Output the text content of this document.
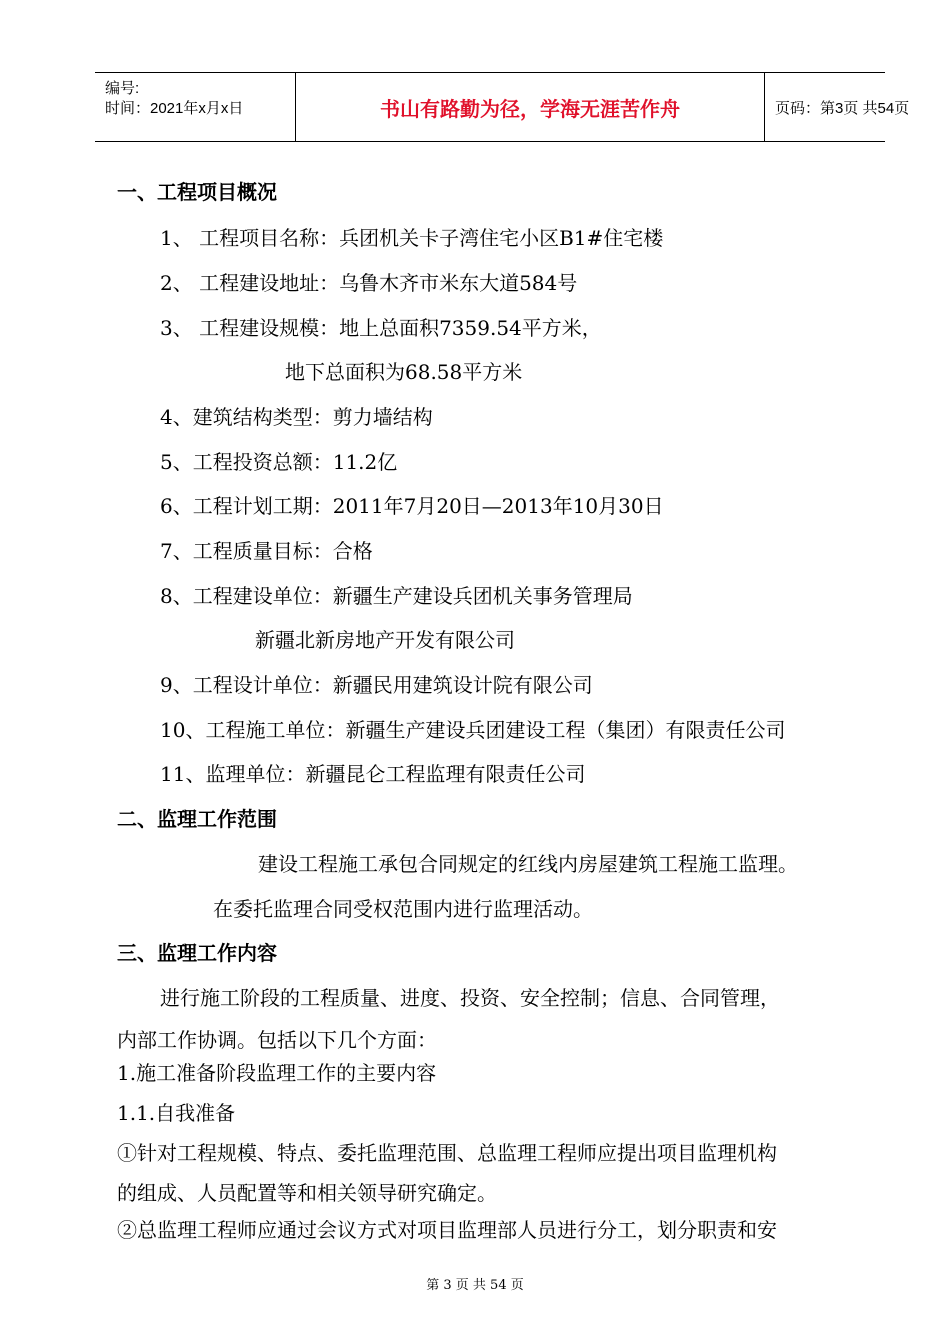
编号:
时间：2021年x月x日	书山有路勤为径，学海无涯苦作舟	页码：第3页 共54页
一、工程项目概况
1、 工程项目名称：兵团机关卡子湾住宅小区B1#住宅楼
2、 工程建设地址：乌鲁木齐市米东大道584号
3、 工程建设规模：地上总面积7359.54平方米，
地下总面积为68.58平方米
4、建筑结构类型：剪力墙结构
5、工程投资总额：11.2亿
6、工程计划工期：2011年7月20日—2013年10月30日
7、工程质量目标：合格
8、工程建设单位：新疆生产建设兵团机关事务管理局
新疆北新房地产开发有限公司
9、工程设计单位：新疆民用建筑设计院有限公司
10、工程施工单位：新疆生产建设兵团建设工程（集团）有限责任公司
11、监理单位：新疆昆仑工程监理有限责任公司
二、监理工作范围
建设工程施工承包合同规定的红线内房屋建筑工程施工监理。
在委托监理合同受权范围内进行监理活动。
三、监理工作内容
进行施工阶段的工程质量、进度、投资、安全控制；信息、合同管理，
内部工作协调。包括以下几个方面：
1.施工准备阶段监理工作的主要内容
1.1.自我准备
①针对工程规模、特点、委托监理范围、总监理工程师应提出项目监理机构
的组成、人员配置等和相关领导研究确定。
②总监理工程师应通过会议方式对项目监理部人员进行分工，划分职责和安
第 3 页 共 54 页
